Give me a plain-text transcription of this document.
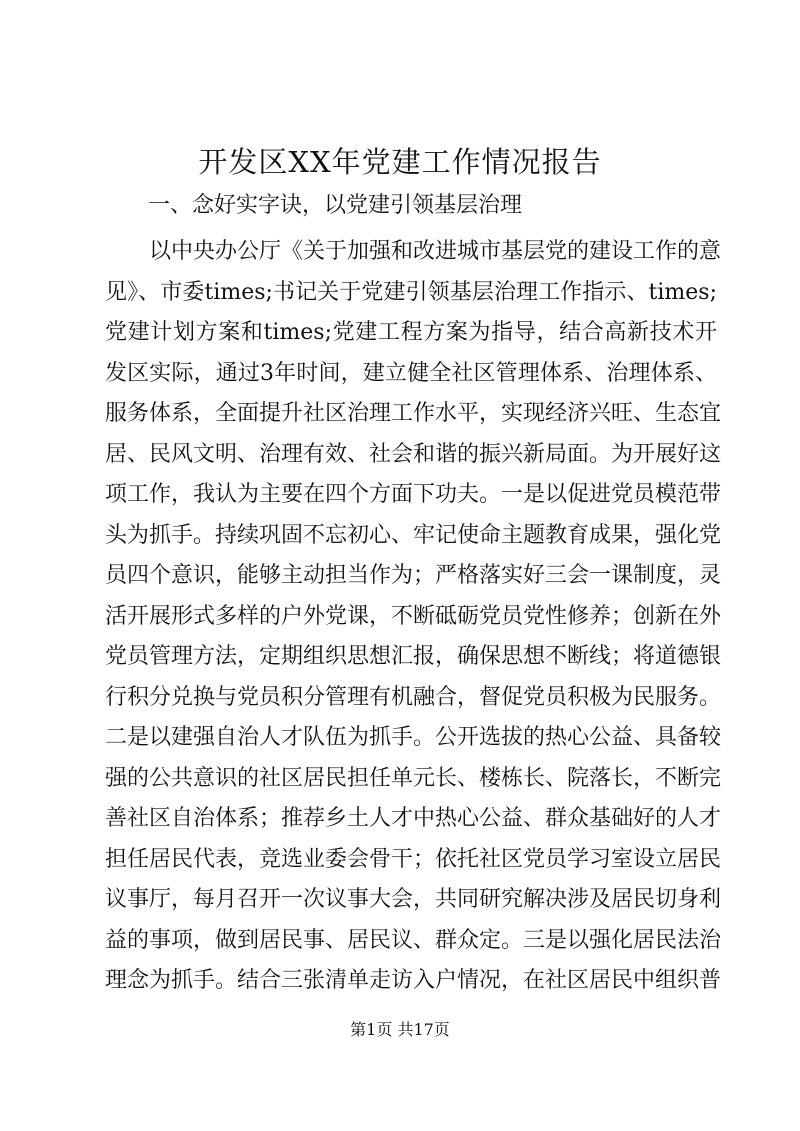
开发区XX年党建工作情况报告

一、念好实字诀，以党建引领基层治理

以中央办公厅《关于加强和改进城市基层党的建设工作的意
见》、市委times;书记关于党建引领基层治理工作指示、times;
党建计划方案和times;党建工程方案为指导，结合高新技术开
发区实际，通过3年时间，建立健全社区管理体系、治理体系、
服务体系，全面提升社区治理工作水平，实现经济兴旺、生态宜
居、民风文明、治理有效、社会和谐的振兴新局面。为开展好这
项工作，我认为主要在四个方面下功夫。一是以促进党员模范带
头为抓手。持续巩固不忘初心、牢记使命主题教育成果，强化党
员四个意识，能够主动担当作为；严格落实好三会一课制度，灵
活开展形式多样的户外党课，不断砥砺党员党性修养；创新在外
党员管理方法，定期组织思想汇报，确保思想不断线；将道德银
行积分兑换与党员积分管理有机融合，督促党员积极为民服务。
二是以建强自治人才队伍为抓手。公开选拔的热心公益、具备较
强的公共意识的社区居民担任单元长、楼栋长、院落长，不断完
善社区自治体系；推荐乡土人才中热心公益、群众基础好的人才
担任居民代表，竞选业委会骨干；依托社区党员学习室设立居民
议事厅，每月召开一次议事大会，共同研究解决涉及居民切身利
益的事项，做到居民事、居民议、群众定。三是以强化居民法治
理念为抓手。结合三张清单走访入户情况，在社区居民中组织普

第1页 共17页
